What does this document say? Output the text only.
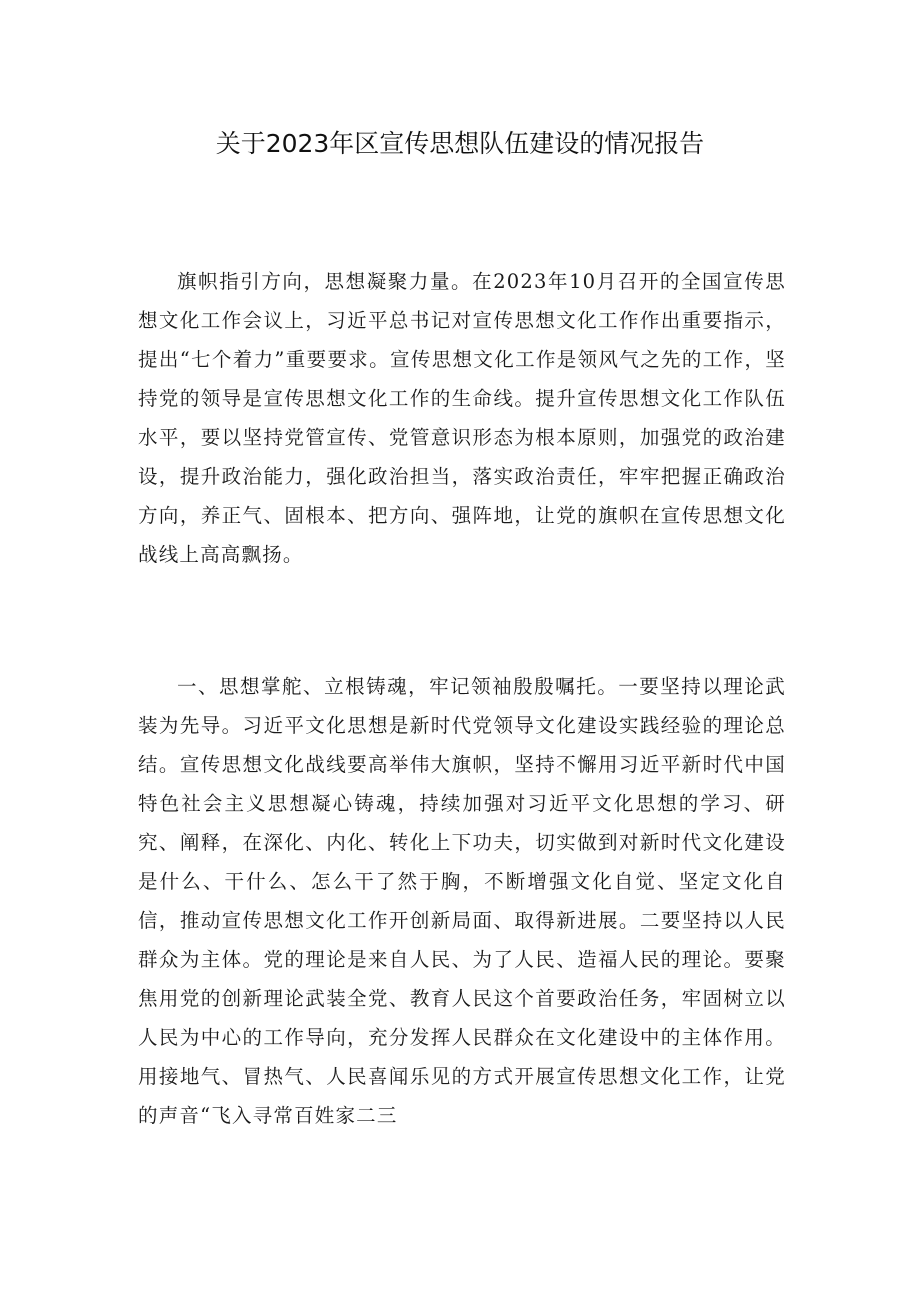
关于2023年区宣传思想队伍建设的情况报告

旗帜指引方向，思想凝聚力量。在2023年10月召开的全国宣传思想文化工作会议上，习近平总书记对宣传思想文化工作作出重要指示，提出“七个着力”重要要求。宣传思想文化工作是领风气之先的工作，坚持党的领导是宣传思想文化工作的生命线。提升宣传思想文化工作队伍水平，要以坚持党管宣传、党管意识形态为根本原则，加强党的政治建设，提升政治能力，强化政治担当，落实政治责任，牢牢把握正确政治方向，养正气、固根本、把方向、强阵地，让党的旗帜在宣传思想文化战线上高高飘扬。

一、思想掌舵、立根铸魂，牢记领袖殷殷嘱托。一要坚持以理论武装为先导。习近平文化思想是新时代党领导文化建设实践经验的理论总结。宣传思想文化战线要高举伟大旗帜，坚持不懈用习近平新时代中国特色社会主义思想凝心铸魂，持续加强对习近平文化思想的学习、研究、阐释，在深化、内化、转化上下功夫，切实做到对新时代文化建设是什么、干什么、怎么干了然于胸，不断增强文化自觉、坚定文化自信，推动宣传思想文化工作开创新局面、取得新进展。二要坚持以人民群众为主体。党的理论是来自人民、为了人民、造福人民的理论。要聚焦用党的创新理论武装全党、教育人民这个首要政治任务，牢固树立以人民为中心的工作导向，充分发挥人民群众在文化建设中的主体作用。用接地气、冒热气、人民喜闻乐见的方式开展宣传思想文化工作，让党的声音“飞入寻常百姓家二三
